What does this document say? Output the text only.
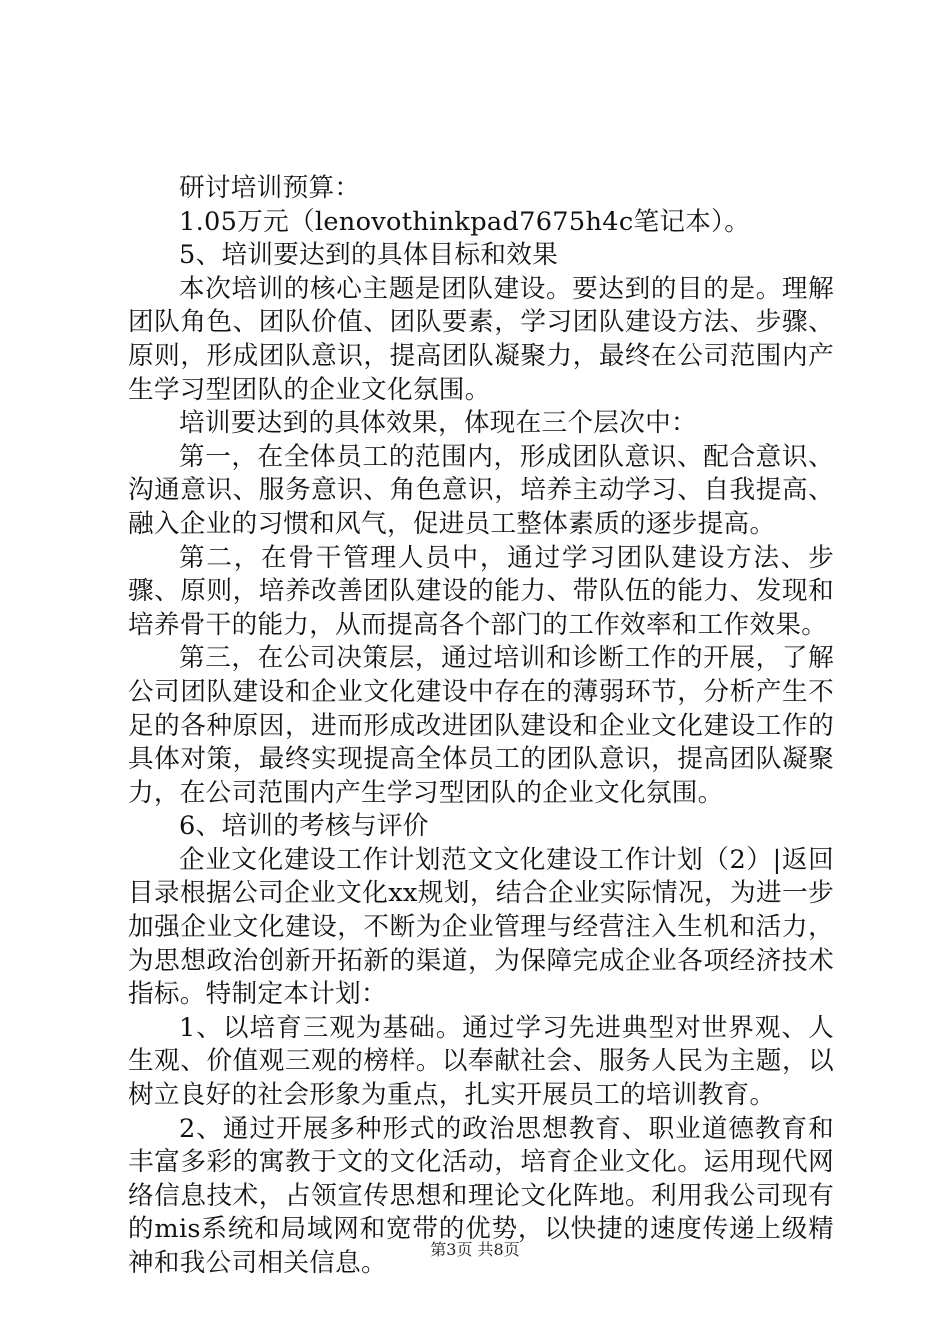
研讨培训预算：

1.05万元（lenovothinkpad7675h4c笔记本）。

5、培训要达到的具体目标和效果

本次培训的核心主题是团队建设。要达到的目的是。理解团队角色、团队价值、团队要素，学习团队建设方法、步骤、原则，形成团队意识，提高团队凝聚力，最终在公司范围内产生学习型团队的企业文化氛围。

培训要达到的具体效果，体现在三个层次中：

第一，在全体员工的范围内，形成团队意识、配合意识、沟通意识、服务意识、角色意识，培养主动学习、自我提高、融入企业的习惯和风气，促进员工整体素质的逐步提高。

第二，在骨干管理人员中，通过学习团队建设方法、步骤、原则，培养改善团队建设的能力、带队伍的能力、发现和培养骨干的能力，从而提高各个部门的工作效率和工作效果。

第三，在公司决策层，通过培训和诊断工作的开展，了解公司团队建设和企业文化建设中存在的薄弱环节，分析产生不足的各种原因，进而形成改进团队建设和企业文化建设工作的具体对策，最终实现提高全体员工的团队意识，提高团队凝聚力，在公司范围内产生学习型团队的企业文化氛围。

6、培训的考核与评价

企业文化建设工作计划范文文化建设工作计划（2）|返回目录根据公司企业文化xx规划，结合企业实际情况，为进一步加强企业文化建设，不断为企业管理与经营注入生机和活力，为思想政治创新开拓新的渠道，为保障完成企业各项经济技术指标。特制定本计划：

1、以培育三观为基础。通过学习先进典型对世界观、人生观、价值观三观的榜样。以奉献社会、服务人民为主题，以树立良好的社会形象为重点，扎实开展员工的培训教育。

2、通过开展多种形式的政治思想教育、职业道德教育和丰富多彩的寓教于文的文化活动，培育企业文化。运用现代网络信息技术，占领宣传思想和理论文化阵地。利用我公司现有的mis系统和局域网和宽带的优势，以快捷的速度传递上级精神和我公司相关信息。	第3页 共8页
